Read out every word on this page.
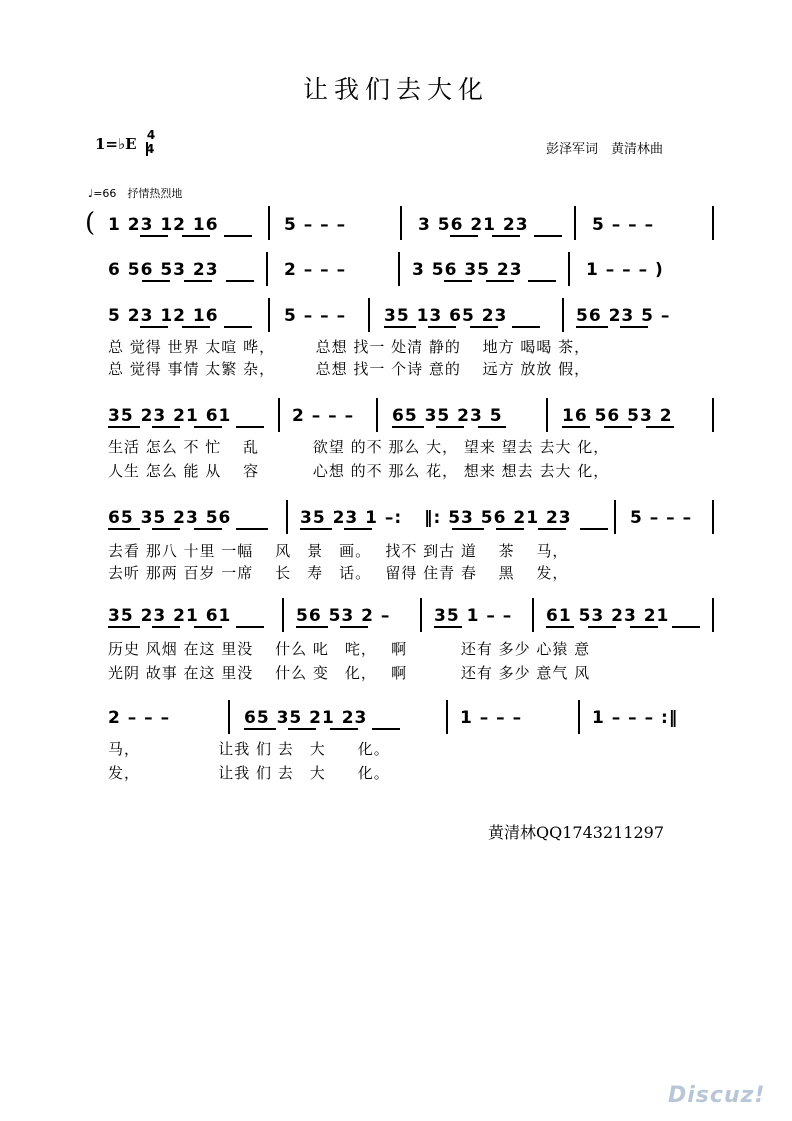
让我们去大化
1=♭E 4
4	彭泽军词　黄清林曲
♩=66　抒情热烈地
( 1 23 12 16	5 – – –	3 56 21 23	5 – – –
6 56 53 23	2 – – –	3 56 35 23	1 – – – )
5 23 12 16	5 – – – 35 13 65 23	56 23 5 –
总 觉得 世界 太喧 哗，　　　总想 找一 处清 静的　 地方 喝喝 茶，
总 觉得 事情 太繁 杂，　　　总想 找一 个诗 意的　 远方 放放 假，
35 23 21 61	2 – – – 65 35 23 5	16 56 53 2
生活 怎么 不 忙　 乱　　　 欲望 的不 那么 大， 望来 望去 去大 化，
人生 怎么 能 从　 容　　　 心想 的不 那么 花， 想来 想去 去大 化，
65 35 23 56	35 23 1 –: ‖: 53 56 21 23	5 – – –
去看 那八 十里 一幅　 风　景　画。　 找不 到古 道　 茶　 马，
去听 那两 百岁 一席　 长　寿　话。　 留得 住青 春　 黑　 发，
35 23 21 61	56 53 2 –	35 1 – – 61 53 23 21
历史 风烟 在这 里没　 什么 叱　咤，　 啊　　　 还有 多少 心猿 意
光阴 故事 在这 里没　 什么 变　化，　 啊　　　 还有 多少 意气 风
2 – – –	65 35 21 23	1 – – –	1 – – – :‖
马，　　　　　 让我 们 去　大　　化。
发，　　　　　 让我 们 去　大　　化。
黄清林QQ1743211297
Discuz!
